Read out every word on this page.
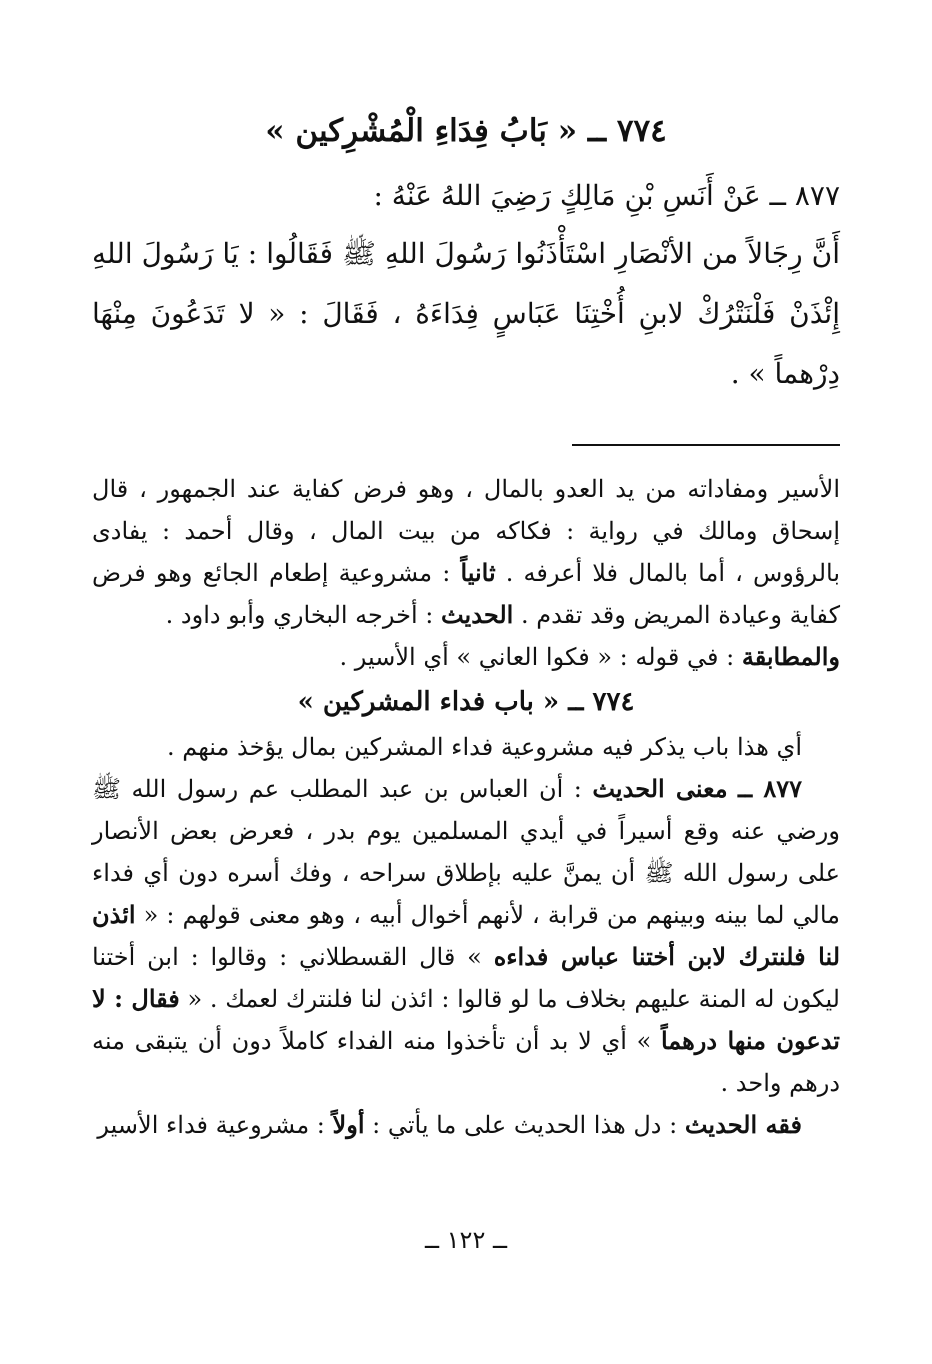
٧٧٤ ــ « بَابُ فِدَاءِ الْمُشْرِكين »
٨٧٧ ــ عَنْ أَنَسِ بْنِ مَالِكٍ رَضِيَ اللهُ عَنْهُ :
أَنَّ رِجَالاً من الأنْصَارِ اسْتَأْذَنُوا رَسُولَ اللهِ ﷺ فَقَالُوا : يَا رَسُولَ اللهِ إِئْذَنْ فَلْنَتْرُكْ لابنِ أُخْتِنَا عَبَاسٍ فِدَاءَهُ ، فَقَالَ : « لا تَدَعُونَ مِنْهَا دِرْهماً » .

الأسير ومفاداته من يد العدو بالمال ، وهو فرض كفاية عند الجمهور ، قال إسحاق ومالك في رواية : فكاكه من بيت المال ، وقال أحمد : يفادى بالرؤوس ، أما بالمال فلا أعرفه . ثانياً : مشروعية إطعام الجائع وهو فرض كفاية وعيادة المريض وقد تقدم . الحديث : أخرجه البخاري وأبو داود .
والمطابقة : في قوله : « فكوا العاني » أي الأسير .

٧٧٤ ــ « باب فداء المشركين »

أي هذا باب يذكر فيه مشروعية فداء المشركين بمال يؤخذ منهم .

٨٧٧ ــ معنى الحديث : أن العباس بن عبد المطلب عم رسول الله ﷺ ورضي عنه وقع أسيراً في أيدي المسلمين يوم بدر ، فعرض بعض الأنصار على رسول الله ﷺ أن يمنَّ عليه بإطلاق سراحه ، وفك أسره دون أي فداء مالي لما بينه وبينهم من قرابة ، لأنهم أخوال أبيه ، وهو معنى قولهم : « ائذن لنا فلنترك لابن أختنا عباس فداءه » قال القسطلاني : وقالوا : ابن أختنا ليكون له المنة عليهم بخلاف ما لو قالوا : ائذن لنا فلنترك لعمك . « فقال : لا تدعون منها درهماً » أي لا بد أن تأخذوا منه الفداء كاملاً دون أن يتبقى منه درهم واحد .

فقه الحديث : دل هذا الحديث على ما يأتي : أولاً : مشروعية فداء الأسير

ــ ١٢٢ ــ
